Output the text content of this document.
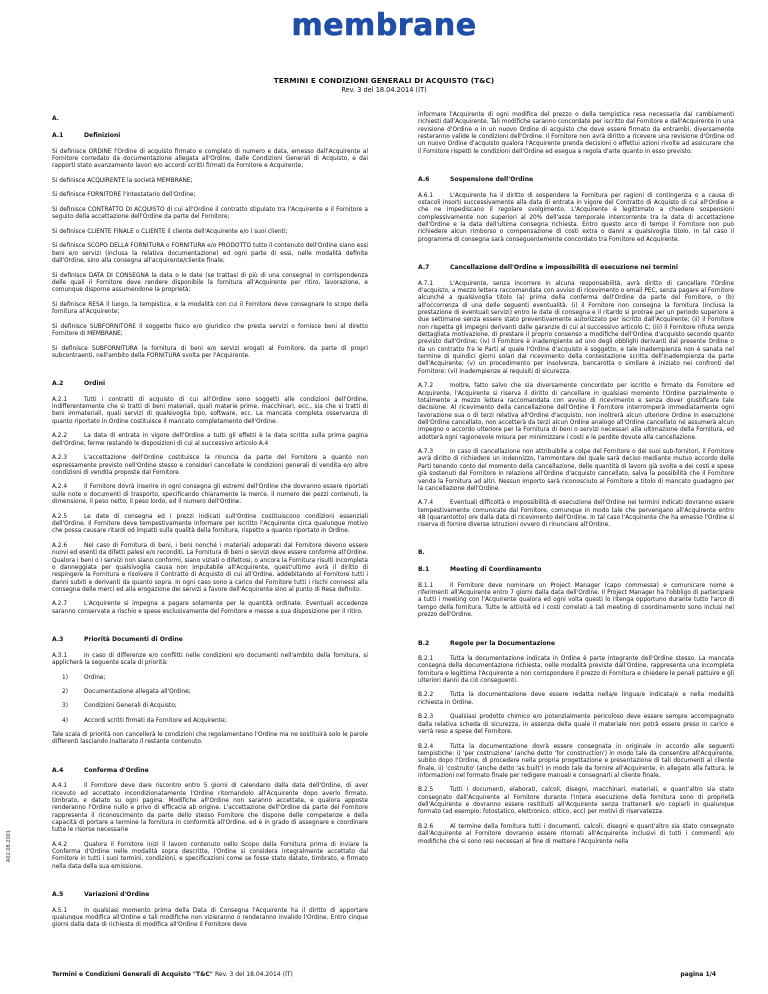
membrane
TERMINI E CONDIZIONI GENERALI DI ACQUISTO (T&C)
Rev. 3 del 18.04.2014 (IT)
A.
A.1	Definizioni

Si definisce ORDINE l'Ordine di acquisto firmato e completo di numero e data, emesso dall'Acquirente al Fornitore corredato da documentazione allegata all'Ordine, dalle Condizioni Generali di Acquisto, e dai rapporti stato avanzamento lavori e/o accordi scritti firmati da Fornitore e Acquirente;

Si definisce ACQUIRENTE la società MEMBRANE;

Si definisce FORNITORE l'intestatario dell'Ordine;

Si definisce CONTRATTO DI ACQUISTO di cui all'Ordine il contratto stipulato tra l'Acquirente e il Fornitore a seguito della accettazione dell'Ordine da parte del Fornitore;

Si definisce CLIENTE FINALE o CLIENTE il cliente dell'Acquirente e/o i suoi clienti;

Si definisce SCOPO DELLA FORNITURA o FORNITURA e/o PRODOTTO tutto il contenuto dell'Ordine siano essi beni e/o servizi (inclusa la relativa documentazione) ed ogni parte di essi, nelle modalità definite dall'Ordine, sino alla consegna all'acquirente/cliente finale;

Si definisce DATA DI CONSEGNA la data o le date (se trattasi di più di una consegna) in corrispondenza delle quali il Fornitore deve rendere disponibile la fornitura all'Acquirente per ritiro, lavorazione, e comunque disporne assumendone la proprietà;

Si definisce RESA il luogo, la tempistica, e la modalità con cui il Fornitore deve consegnare lo scopo della fornitura al'Acquirente;

Si definisce SUBFORNITORE il soggetto fisico e/o giuridico che presta servizi o fornisce beni al diretto Fornitore di MEMBRANE;

Si definisce SUBFORNITURA la fornitura di beni e/o servizi erogati al Fornitore, da parte di propri subcontraenti, nell'ambito della FORNITURA svolta per l'Acquirente.

A.2	Ordini

A.2.1	Tutti i contratti di acquisto di cui all'Ordine sono soggetti alle condizioni dell'Ordine, indifferentemente che si tratti di beni materiali, quali materie prime, macchinari, ecc., sia che si tratti di beni immateriali, quali servizi di qualsivoglia tipo, software, ecc. La mancata completa osservanza di quanto riportato in Ordine costituisce il mancato completamento dell'Ordine.

A.2.2	La data di entrata in vigore dell'Ordine a tutti gli effetti è la data scritta sulla prima pagina dell'Ordine, ferme restando le disposizioni di cui al successivo articolo A.4

A.2.3	L'accettazione dell'Ordine costituisce la rinuncia da parte del Fornitore a quanto non espressamente previsto nell'Ordine stesso e consideri cancellate le condizioni generali di vendita e/o altre condizioni di vendita proposte dal Fornitore.

A.2.4	Il Fornitore dovrà inserire in ogni consegna gli estremi dell'Ordine che dovranno essere riportati sulle note o documenti di trasporto, specificando chiaramente la merce, il numero dei pezzi contenuti, la dimensione, il peso netto, il peso lordo, ed il numero dell'Ordine.

A.2.5	Le date di consegna ed i prezzi indicati sull'Ordine costituiscono condizioni essenziali dell'Ordine. Il Fornitore deve tempestivamente informare per iscritto l'Acquirente circa qualunque motivo che possa causare ritardi od impatti sulla qualità della fornitura, rispetto a quanto riportato in Ordine.

A.2.6	Nel caso di Fornitura di beni, i beni nonché i materiali adoperati dal Fornitore devono essere nuovi ed esenti da difetti palesi e/o reconditi. La Fornitura di beni o servizi deve essere conforme all'Ordine. Qualora i beni o i servizi non siano conformi, siano viziati o difettosi, o ancora la Fornitura risulti incompleta o danneggiata per qualsivoglia causa non imputabile all'Acquirente, quest'ultimo avrà il diritto di respingere la Fornitura e risolvere il Contratto di Acquisto di cui all'Ordine, addebitando al Fornitore tutti i danni subiti e derivanti da quanto sopra. In ogni caso sono a carico del Fornitore tutti i rischi connessi alla consegna delle merci ed alla erogazione dei servizi a favore dell'Acquirente sino al punto di Resa definito.

A.2.7	L'Acquirente si impegna a pagare solamente per le quantità ordinate. Eventuali eccedenze saranno conservate a rischio e spese esclusivamente del Fornitore e messe a sua disposizione per il ritiro.

A.3	Priorità Documenti di Ordine

A.3.1	In caso di differenze e/o conflitti nelle condizioni e/o documenti nell'ambito della fornitura, si applicherà la seguente scala di priorità:

1)	Ordine;
2)	Documentazione allegata all'Ordine;
3)	Condizioni Generali di Acquisto;
4)	Accordi scritti firmati da Fornitore ed Acquirente;

Tale scala di priorità non cancellerà le condizioni che regolamentano l'Ordine ma ne sostituirà solo le parole differenti lasciando inalterato il restante contenuto.

A.4	Conferma d'Ordine

A.4.1	Il Fornitore deve dare riscontro entro 5 giorni di calendario dalla data dell'Ordine, di aver ricevuto ed accettato incondizionatamente l'Ordine ritornandolo all'Acquirente dopo averlo firmato, timbrato, e datato su ogni pagina. Modifiche all'Ordine non saranno accettate, e qualora apposte renderanno l'Ordine nullo e privo di efficacia ab origine. L'accettazione dell'Ordine da parte del Fornitore rappresenta il riconoscimento da parte dello stesso Fornitore che dispone delle competenze e della capacità di portare a termine la fornitura in conformità all'Ordine, ed è in grado di assegnare e coordinare tutte le risorse necessarie

A.4.2	Qualora il Fornitore inizi il lavoro contenuto nello Scopo della Fornitura prima di inviare la Conferma d'Ordine nelle modalità sopra descritte, l'Ordine si considera integralmente accettato dal Fornitore in tutti i suoi termini, condizioni, e specificazioni come se fosse stato datato, timbrato, e firmato nella data della sua emissione.

A.5	Variazioni d'Ordine

A.5.1	In qualsiasi momento prima della Data di Consegna l'Acquirente ha il diritto di apportare qualunque modifica all'Ordine e tali modifiche non vizieranno o renderanno invalido l'Ordine. Entro cinque giorni dalla data di richiesta di modifica all'Ordine il Fornitore deve

informare l'Acquirente di ogni modifica del prezzo o della tempistica resa necessaria dai cambiamenti richiesti dall'Acquirente. Tali modifiche saranno concordate per iscritto dal Fornitore e dall'Acquirente in una revisione d'Ordine o in un nuovo Ordine di acquisto che deve essere firmato da entrambi, diversamente resteranno valide le condizioni dell'Ordine. Il Fornitore non avrà diritto a ricevere una revisione d'Ordine od un nuovo Ordine d'acquisto qualora l'Acquirente prenda decisioni o effettui azioni rivolte ad assicurare che il Fornitore rispetti le condizioni dell'Ordine ed esegua a regola d'arte quanto in esso previsto.

A.6	Sospensione dell'Ordine

A.6.1	L'Acquirente ha il diritto di sospendere la Fornitura per ragioni di contingenza o a causa di ostacoli insorti successivamente alla data di entrata in vigore del Contratto di Acquisto di cui all'Ordine e che ne impediscano il regolare svolgimento. L'Acquirente è legittimato a chiedere sospensioni complessivamente non superiori al 20% dell'asse temporale intercorrente tra la data di accettazione dell'Ordine e la data dell'ultima consegna richiesta. Entro questo arco di tempo il Fornitore non può richiedere alcun rimborso o compensazione di costi extra o danni a qualsivoglia titolo. In tal caso il programma di consegna sarà conseguentemente concordato tra Fornitore ed Acquirente.

A.7	Cancellazione dell'Ordine e impossibilità di esecuzione nei termini

A.7.1	L'Acquirente, senza incorrere in alcuna responsabilità, avrà diritto di cancellare l'Ordine d'acquisto, a mezzo lettera raccomandata con avviso di ricevimento o email PEC, senza pagare al Fornitore alcunché a qualsivoglia titolo (a) prima della conferma dell'Ordine da parte del Fornitore, o (b) all'occorrenza di una delle seguenti eventualità: (i) il Fornitore non consegna la fornitura (inclusa la prestazione di eventuali servizi) entro le date di consegna e il ritardo si protrae per un periodo superiore a due settimane senza essere stato preventivamente autorizzato per iscritto dall'Acquirente; (ii) il Fornitore non rispetta gli impegni derivanti dalle garanzie di cui al successivo articolo C; (iii) il Fornitore rifiuta senza dettagliata motivazione, di prestare il proprio consenso a modifiche dell'Ordine d'acquisto secondo quanto previsto dall'Ordine; (iv) il Fornitore è inadempiente ad uno degli obblighi derivanti dal presente Ordine o da un contratto fra le Parti al quale l'Ordine d'acquisto è soggetto, e tale inadempienza non è sanata nel termine di quindici giorni solari dal ricevimento della contestazione scritta dell'inadempienza da parte dell'Acquirente; (v) un procedimento per insolvenza, bancarotta o simílare è iniziato nei confronti del Fornitore; (vi) inadempienze ai requisiti di sicurezza.

A.7.2	Inoltre, fatto salvo che sia diversamente concordato per iscritto e firmato da Fornitore ed Acquirente, l'Acquirente si riserva il diritto di cancellare in qualsiasi momento l'Ordine parzialmente o totalmente a mezzo lettera raccomandata con avviso di ricevimento e senza dover giustificare tale decisione. Al ricevimento della cancellazione dell'Ordine il Fornitore interromperà immediatamente ogni lavorazione sua o di terzi relativa all'Ordine d'acquisto, non inoltrerà alcun ulteriore Ordine in esecuzione dell'Ordine cancellato, non accetterà da terzi alcun Ordine analogo all'Ordine cancellato né assumerà alcun impegno o accordo ulteriore per la Fornitura di beni o servizi necessari alla ultimazione della Fornitura, ed adotterà ogni ragionevole misura per minimizzare i costi e le perdite dovute alla cancellazione.

A.7.3	In caso di cancellazione non attribuibile a colpe del Fornitore o dei suoi sub-fornitori, il Fornitore avrà diritto di richiedere un indennizzo, l'ammontare del quale sarà deciso mediante mutuo accordo delle Parti tenendo conto del momento della cancellazione, delle quantità di lavoro già svolte e dei costi e spese già sostenuti dal Fornitore in relazione all'Ordine d'acquisto cancellato, salva la possibilità che il Fornitore venda la Fornitura ad altri. Nessun importo sarà riconosciuto al Fornitore a titolo di mancato guadagno per la cancellazione dell'Ordine.

A.7.4	Eventuali difficoltà o impossibilità di esecuzione dell'Ordine nei termini indicati dovranno essere tempestivamente comunicate dal Fornitore, comunque in modo tale che pervengano all'Acquirente entro 48 (quarantotto) ore dalla data di ricevimento dell'Ordine. In tal caso l'Acquirente che ha emesso l'Ordine si riserva di fornire diverse istruzioni ovvero di rinunciare all'Ordine.

B.
B.1	Meeting di Coordinamento

B.1.1	Il Fornitore deve nominare un Project Manager (capo commessa) e comunicare nome e riferimenti all'Acquirente entro 7 giorni dalla data dell'Ordine. Il Project Manager ha l'obbligo di partecipare a tutti i meeting con l'Acquirente qualora ed ogni volta questi lo ritenga opportuno durante tutto l'arco di tempo della fornitura. Tutte le attività ed i costi correlati a tali meeting di coordinamento sono inclusi nel prezzo dell'Ordine.

B.2	Regole per la Documentazione

B.2.1	Tutta la documentazione indicata in Ordine è parte integrante dell'Ordine stesso. La mancata consegna della documentazione richiesta, nelle modalità previste dall'Ordine, rappresenta una incompleta fornitura e legittima l'Acquirente a non corrispondere il prezzo di Fornitura e chiedere le penali pattuire e gli ulteriori danni da ciò conseguenti.

B.2.2	Tutta la documentazione deve essere redatta nella/e lingua/e indicata/e e nella modalità richiesta in Ordine.

B.2.3	Qualsiasi prodotto chimico e/o potenzialmente pericoloso deve essere sempre accompagnato dalla relativa scheda di sicurezza, in assenza della quale il materiale non potrà essere preso in carico e verrà reso a spese del Fornitore.

B.2.4	Tutta la documentazione dovrà essere consegnata in originale in accordo alle seguenti tempistiche: i) 'per costruzione' (anche detto 'for construction') in modo tale da consentire all'Acquirente, subito dopo l'Ordine, di procedere nella propria progettazione e presentazione di tali documenti al cliente finale, ii) 'costruito' (anche detto 'as built') in modo tale da fornire all'Acquirente, in allegato alla fattura, le informazioni nel formato finale per redigere manuali e consegnarli al cliente finale.

B.2.5	Tutti i documenti, elaborati, calcoli, disegni, macchinari, materiali, e quant'altro sia stato consegnato dall'Acquirente al Fornitore durante l'intera esecuzione della fornitura sono di proprietà dell'Acquirente e dovranno essere resitituiti all'Acquirente senza trattenerli e/o copiarli in qualunque formato (ad esempio: fotostatico, elettronico, ottico, ecc) per motivi di riservatezza.

B.2.6	Al termine della fornitura tutti i documenti, calcoli, disegni e quant'altro sia stato consegnato dall'Acquirente al Fornitore dovranno essere ritornati all'Acquirente inclusivi di tutti i commenti e/o modifiche che si sono resi necessari al fine di mettere l'Acquirente nella

A02.08.2001
Termini e Condizioni Generali di Acquisto "T&C" Rev. 3 del 18.04.2014 (IT)	pagina 1/4
